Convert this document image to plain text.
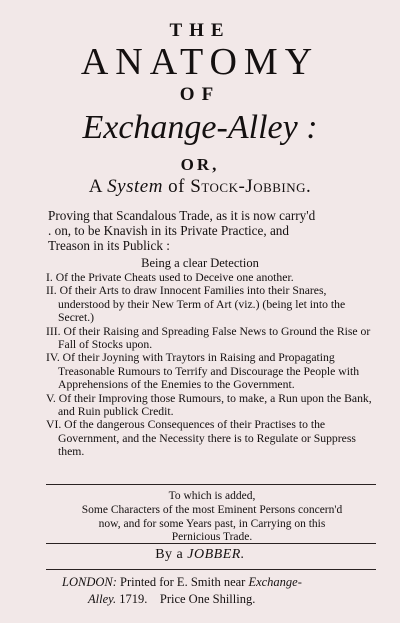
THE
ANATOMY
OF
Exchange-Alley :
OR,
A System of Stock-Jobbing.
Proving that Scandalous Trade, as it is now carry'd
. on, to be Knavish in its Private Practice, and
Treason in its Publick :
Being a clear Detection

I. Of the Private Cheats used to Deceive one another.

II. Of their Arts to draw Innocent Families into their Snares, understood by their New Term of Art (viz.) (being let into the Secret.)

III. Of their Raising and Spreading False News to Ground the Rise or Fall of Stocks upon.

IV. Of their Joyning with Traytors in Raising and Propagating Treasonable Rumours to Terrify and Discourage the People with Apprehensions of the Enemies to the Government.

V. Of their Improving those Rumours, to make, a Run upon the Bank, and Ruin publick Credit.

VI. Of the dangerous Consequences of their Practises to the Government, and the Necessity there is to Regulate or Suppress them.

To which is added,
Some Characters of the most Eminent Persons concern'd
now, and for some Years past, in Carrying on this
Pernicious Trade.
By a JOBBER.
LONDON: Printed for E. Smith near Exchange-
Alley. 1719.    Price One Shilling.
